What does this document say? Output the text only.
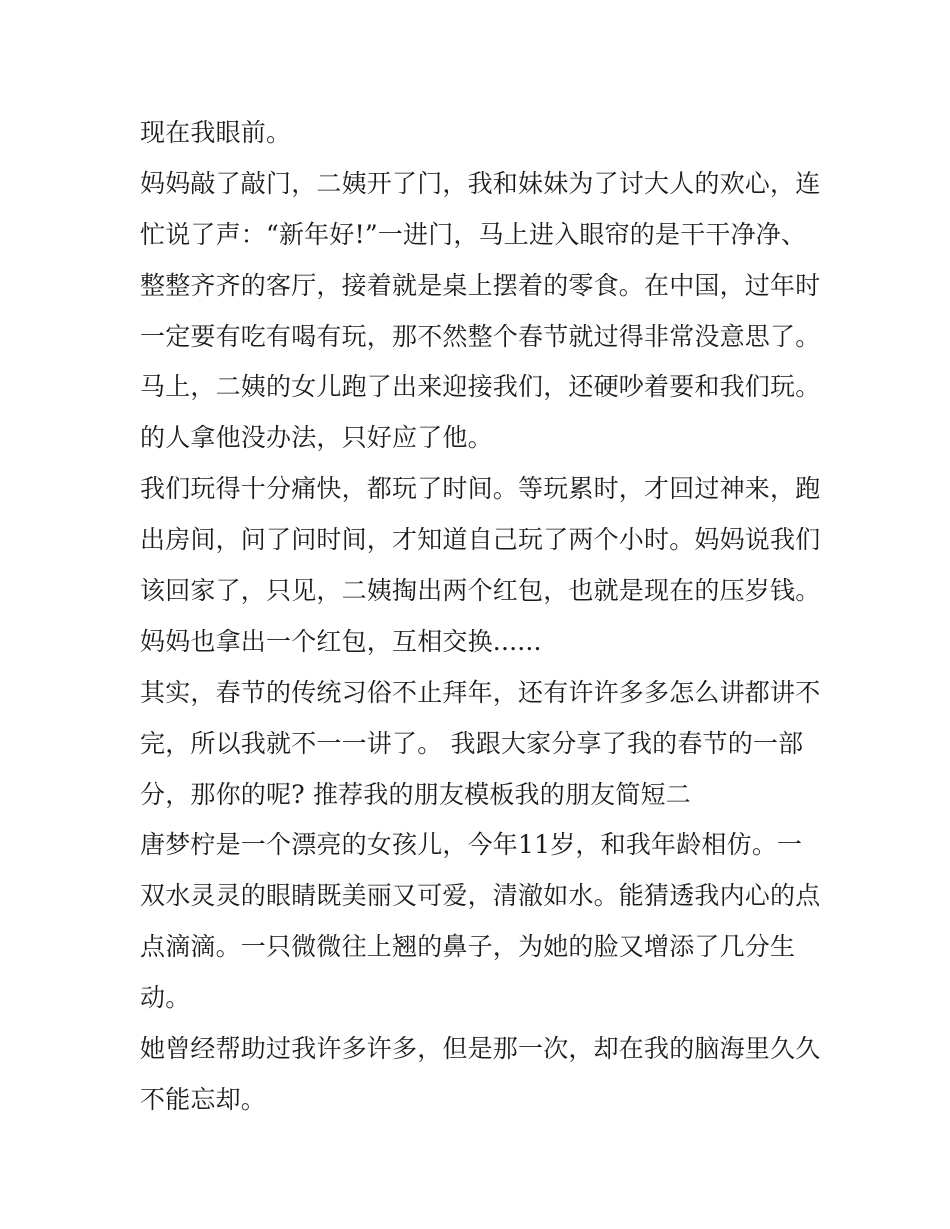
现在我眼前。
妈妈敲了敲门，二姨开了门，我和妹妹为了讨大人的欢心，连
忙说了声：“新年好!”一进门，马上进入眼帘的是干干净净、
整整齐齐的客厅，接着就是桌上摆着的零食。在中国，过年时
一定要有吃有喝有玩，那不然整个春节就过得非常没意思了。
马上，二姨的女儿跑了出来迎接我们，还硬吵着要和我们玩。
的人拿他没办法，只好应了他。
我们玩得十分痛快，都玩了时间。等玩累时，才回过神来，跑
出房间，问了问时间，才知道自己玩了两个小时。妈妈说我们
该回家了，只见，二姨掏出两个红包，也就是现在的压岁钱。
妈妈也拿出一个红包，互相交换......
其实，春节的传统习俗不止拜年，还有许许多多怎么讲都讲不
完，所以我就不一一讲了。 我跟大家分享了我的春节的一部
分，那你的呢? 推荐我的朋友模板我的朋友简短二
唐梦柠是一个漂亮的女孩儿，今年11岁，和我年龄相仿。一
双水灵灵的眼睛既美丽又可爱，清澈如水。能猜透我内心的点
点滴滴。一只微微往上翘的鼻子，为她的脸又增添了几分生
动。
她曾经帮助过我许多许多，但是那一次，却在我的脑海里久久
不能忘却。
